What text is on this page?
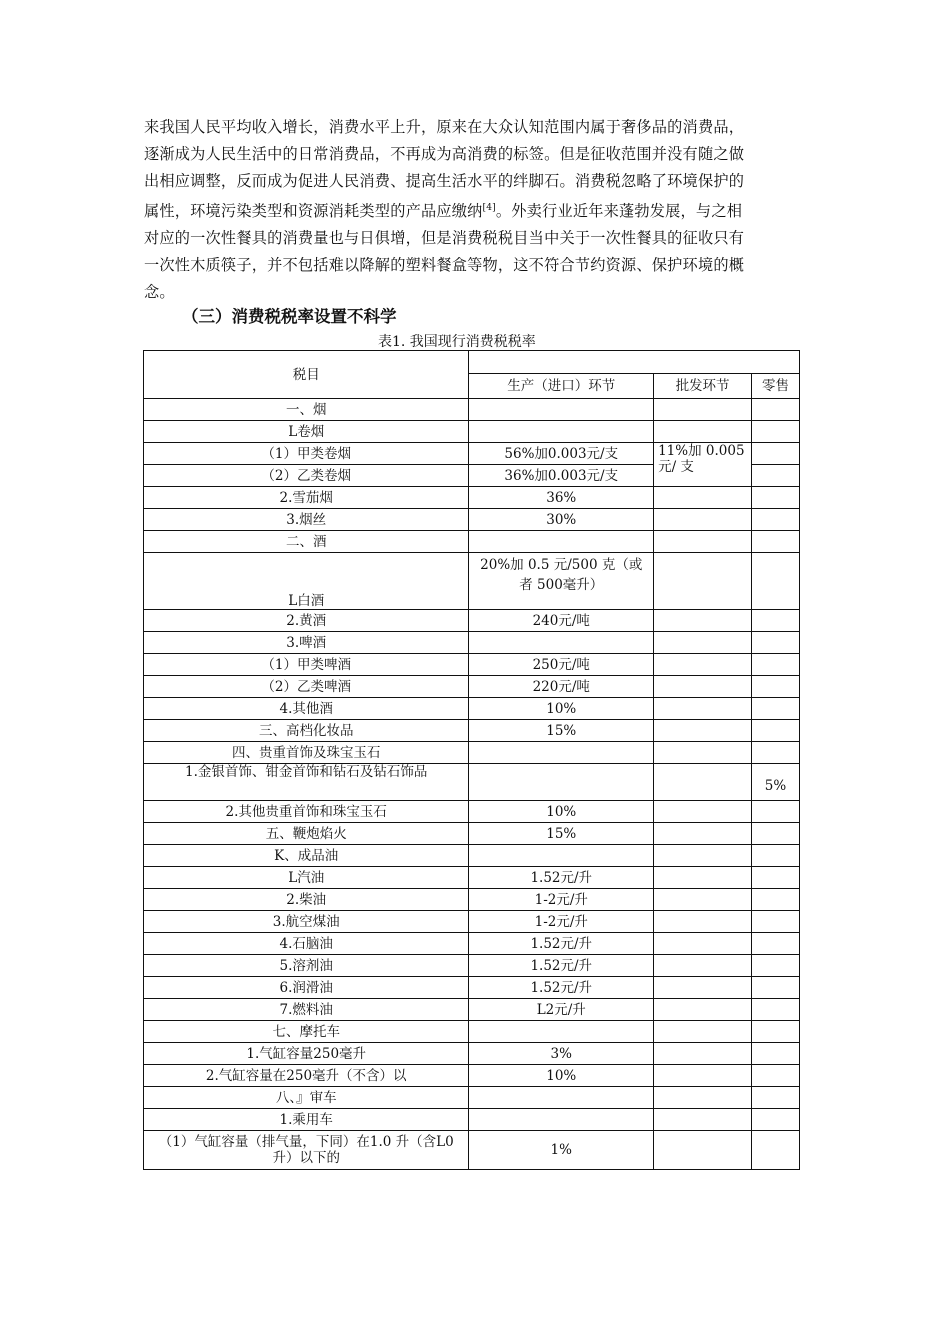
来我国人民平均收入增长，消费水平上升，原来在大众认知范围内属于奢侈品的消费品，
逐渐成为人民生活中的日常消费品，不再成为高消费的标签。但是征收范围并没有随之做
出相应调整，反而成为促进人民消费、提高生活水平的绊脚石。消费税忽略了环境保护的
属性，环境污染类型和资源消耗类型的产品应缴纳[4]。外卖行业近年来蓬勃发展，与之相
对应的一次性餐具的消费量也与日俱增，但是消费税税目当中关于一次性餐具的征收只有
一次性木质筷子，并不包括难以降解的塑料餐盒等物，这不符合节约资源、保护环境的概
念。
（三）消费税税率设置不科学

表1. 我国现行消费税税率

税目			
	生产（进口）环节	批发环节	零售
一、烟			
L卷烟			
（1）甲类卷烟	56%加0.003元/支	11%加 0.005 元/ 支	
（2）乙类卷烟	36%加0.003元/支		
2.雪茄烟	36%		
3.烟丝	30%		
二、酒			
L白酒	20%加 0.5 元/500 克（或者 500毫升）		
2.黄酒	240元/吨		
3.啤酒			
（1）甲类啤酒	250元/吨		
（2）乙类啤酒	220元/吨		
4.其他酒	10%		
三、高档化妆品	15%		
四、贵重首饰及珠宝玉石			
1.金银首饰、钳金首饰和钻石及钻石饰品			5%
2.其他贵重首饰和珠宝玉石	10%		
五、鞭炮焰火	15%		
K、成品油			
L汽油	1.52元/升		
2.柴油	1-2元/升		
3.航空煤油	1-2元/升		
4.石脑油	1.52元/升		
5.溶剂油	1.52元/升		
6.润滑油	1.52元/升		
7.燃料油	L2元/升		
七、摩托车			
1.气缸容量250毫升	3%		
2.气缸容量在250毫升（不含）以	10%		
八、』审车			
1.乘用车			
（1）气缸容量（排气量，下同）在1.0 升（含L0升）以下的	1%		
